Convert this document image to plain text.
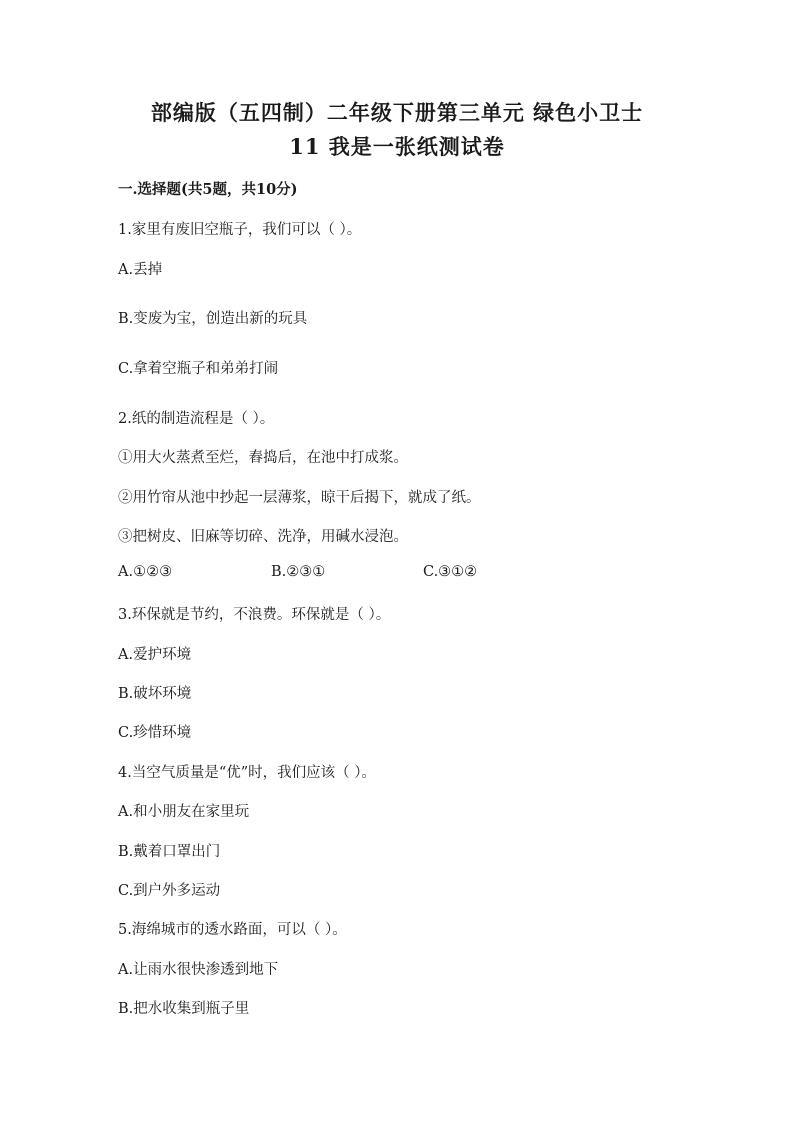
部编版（五四制）二年级下册第三单元 绿色小卫士
11 我是一张纸测试卷
一.选择题(共5题，共10分)
1.家里有废旧空瓶子，我们可以（ ）。
A.丢掉
B.变废为宝，创造出新的玩具
C.拿着空瓶子和弟弟打闹
2.纸的制造流程是（ ）。
①用大火蒸煮至烂，舂捣后，在池中打成浆。
②用竹帘从池中抄起一层薄浆，晾干后揭下，就成了纸。
③把树皮、旧麻等切碎、洗净，用碱水浸泡。
A.①②③	B.②③①	C.③①②
3.环保就是节约，不浪费。环保就是（ ）。
A.爱护环境
B.破坏环境
C.珍惜环境
4.当空气质量是“优”时，我们应该（ ）。
A.和小朋友在家里玩
B.戴着口罩出门
C.到户外多运动
5.海绵城市的透水路面，可以（ ）。
A.让雨水很快渗透到地下
B.把水收集到瓶子里
